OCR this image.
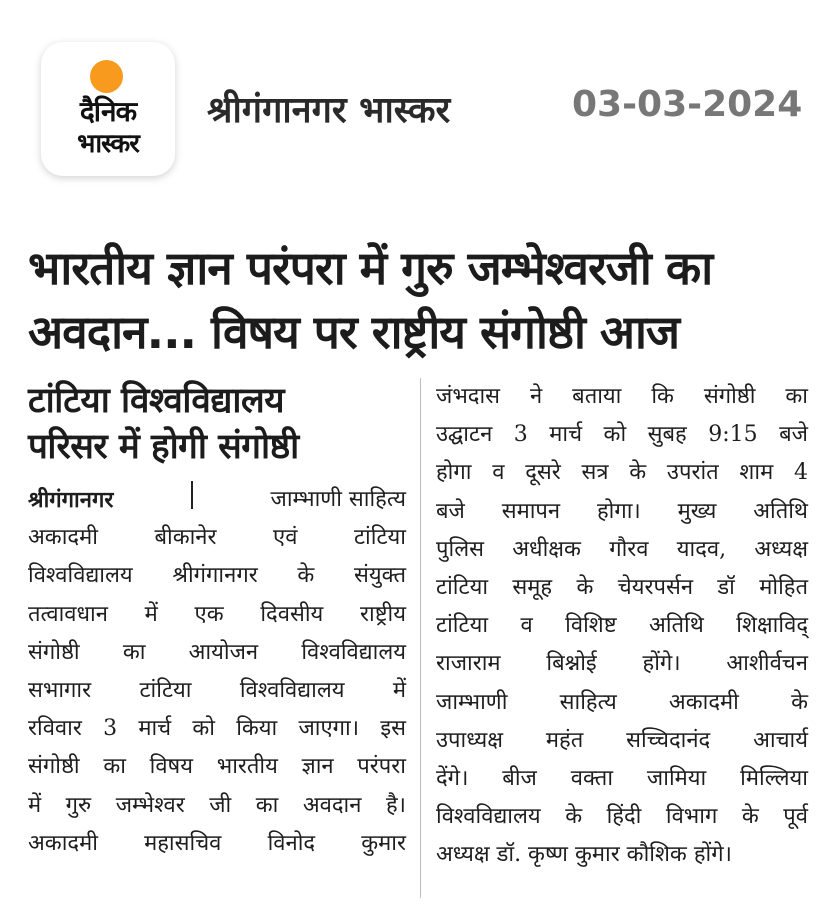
दैनिक
भास्कर
श्रीगंगानगर भास्कर	03-03-2024
भारतीय ज्ञान परंपरा में गुरु जम्भेश्वरजी का
अवदान... विषय पर राष्ट्रीय संगोष्ठी आज
टांटिया विश्वविद्यालय
परिसर में होगी संगोष्ठी
श्रीगंगानगर	जाम्भाणी साहित्य
अकादमी बीकानेर एवं टांटिया
विश्वविद्यालय श्रीगंगानगर के संयुक्त
तत्वावधान में एक दिवसीय राष्ट्रीय
संगोष्ठी का आयोजन विश्वविद्यालय
सभागार टांटिया विश्वविद्यालय में
रविवार 3 मार्च को किया जाएगा। इस
संगोष्ठी का विषय भारतीय ज्ञान परंपरा
में गुरु जम्भेश्वर जी का अवदान है।
अकादमी महासचिव विनोद कुमार
जंभदास ने बताया कि संगोष्ठी का
उद्घाटन 3 मार्च को सुबह 9:15 बजे
होगा व दूसरे सत्र के उपरांत शाम 4
बजे समापन होगा। मुख्य अतिथि
पुलिस अधीक्षक गौरव यादव, अध्यक्ष
टांटिया समूह के चेयरपर्सन डॉ मोहित
टांटिया व विशिष्ट अतिथि शिक्षाविद्
राजाराम बिश्नोई होंगे। आशीर्वचन
जाम्भाणी साहित्य अकादमी के
उपाध्यक्ष महंत सच्चिदानंद आचार्य
देंगे। बीज वक्ता जामिया मिल्लिया
विश्वविद्यालय के हिंदी विभाग के पूर्व
अध्यक्ष डॉ. कृष्ण कुमार कौशिक होंगे।
